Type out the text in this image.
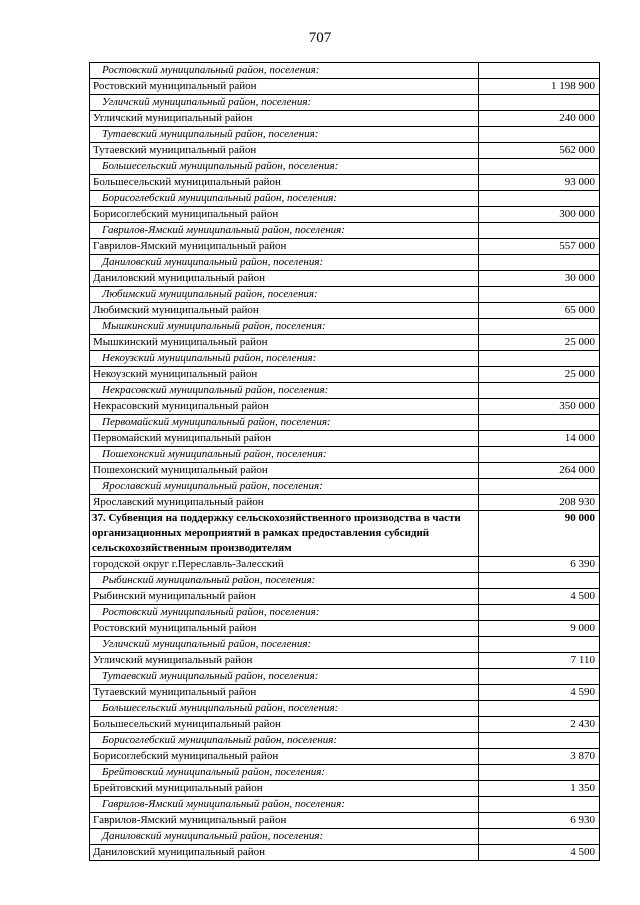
707
Ростовский муниципальный район, поселения:	
Ростовский муниципальный район	1 198 900
Угличский муниципальный район, поселения:	
Угличский муниципальный район	240 000
Тутаевский муниципальный район, поселения:	
Тутаевский муниципальный район	562 000
Большесельский муниципальный район, поселения:	
Большесельский муниципальный район	93 000
Борисоглебский муниципальный район, поселения:	
Борисоглебский муниципальный район	300 000
Гаврилов-Ямский муниципальный район, поселения:	
Гаврилов-Ямский муниципальный район	557 000
Даниловский муниципальный район, поселения:	
Даниловский муниципальный район	30 000
Любимский муниципальный район, поселения:	
Любимский муниципальный район	65 000
Мышкинский муниципальный район, поселения:	
Мышкинский муниципальный район	25 000
Некоузский муниципальный район, поселения:	
Некоузский муниципальный район	25 000
Некрасовский муниципальный район, поселения:	
Некрасовский муниципальный район	350 000
Первомайский муниципальный район, поселения:	
Первомайский муниципальный район	14 000
Пошехонский муниципальный район, поселения:	
Пошехонский муниципальный район	264 000
Ярославский муниципальный район, поселения:	
Ярославский муниципальный район	208 930
37. Субвенция на поддержку сельскохозяйственного производства в части организационных мероприятий в рамках предоставления субсидий сельскохозяйственным производителям	90 000
городской округ г.Переславль-Залесский	6 390
Рыбинский муниципальный район, поселения:	
Рыбинский муниципальный район	4 500
Ростовский муниципальный район, поселения:	
Ростовский муниципальный район	9 000
Угличский муниципальный район, поселения:	
Угличский муниципальный район	7 110
Тутаевский муниципальный район, поселения:	
Тутаевский муниципальный район	4 590
Большесельский муниципальный район, поселения:	
Большесельский муниципальный район	2 430
Борисоглебский муниципальный район, поселения:	
Борисоглебский муниципальный район	3 870
Брейтовский муниципальный район, поселения:	
Брейтовский муниципальный район	1 350
Гаврилов-Ямский муниципальный район, поселения:	
Гаврилов-Ямский муниципальный район	6 930
Даниловский муниципальный район, поселения:	
Даниловский муниципальный район	4 500
